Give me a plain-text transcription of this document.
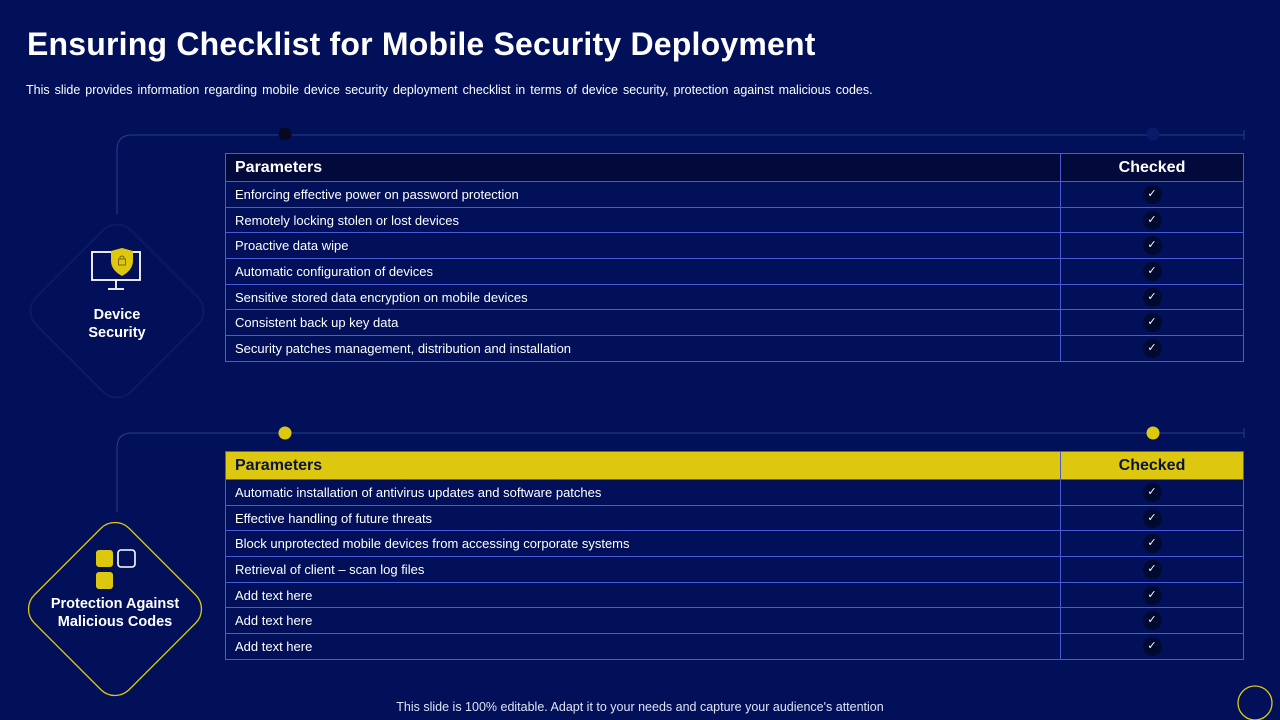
Ensuring Checklist for Mobile Security Deployment
This slide provides information regarding mobile device security deployment checklist in terms of device security, protection against malicious codes.
Device Security
Protection Against Malicious Codes
Parameters	Checked
Enforcing effective power on password protection	✓
Remotely locking stolen or lost devices	✓
Proactive data wipe	✓
Automatic configuration of devices	✓
Sensitive stored data encryption on mobile devices	✓
Consistent back up key data	✓
Security patches management, distribution and installation	✓
Parameters	Checked
Automatic installation of antivirus updates and software patches	✓
Effective handling of future threats	✓
Block unprotected mobile devices from accessing corporate systems	✓
Retrieval of client – scan log files	✓
Add text here	✓
Add text here	✓
Add text here	✓
This slide is 100% editable. Adapt it to your needs and capture your audience's attention
